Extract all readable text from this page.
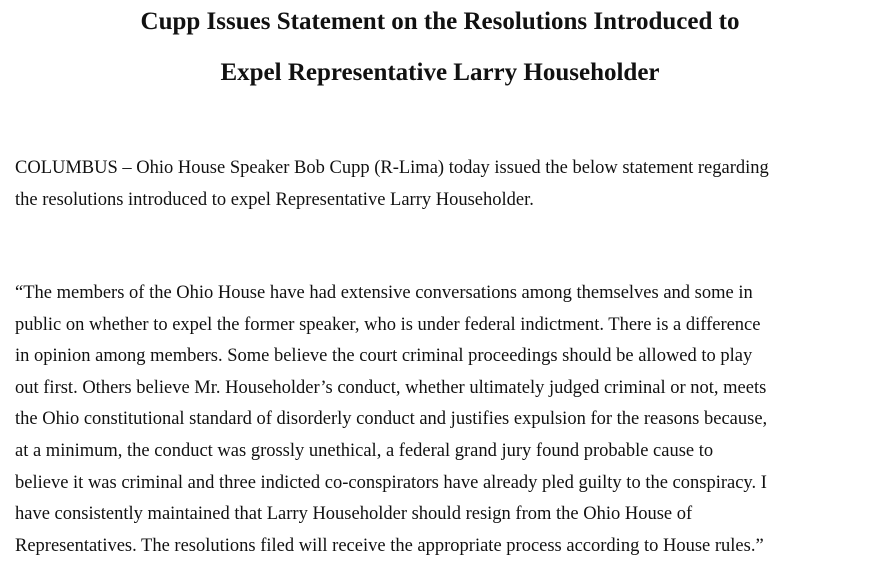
Cupp Issues Statement on the Resolutions Introduced to
Expel Representative Larry Householder
COLUMBUS – Ohio House Speaker Bob Cupp (R-Lima) today issued the below statement regarding
the resolutions introduced to expel Representative Larry Householder.
“The members of the Ohio House have had extensive conversations among themselves and some in
public on whether to expel the former speaker, who is under federal indictment. There is a difference
in opinion among members. Some believe the court criminal proceedings should be allowed to play
out first. Others believe Mr. Householder’s conduct, whether ultimately judged criminal or not, meets
the Ohio constitutional standard of disorderly conduct and justifies expulsion for the reasons because,
at a minimum, the conduct was grossly unethical, a federal grand jury found probable cause to
believe it was criminal and three indicted co-conspirators have already pled guilty to the conspiracy. I
have consistently maintained that Larry Householder should resign from the Ohio House of
Representatives. The resolutions filed will receive the appropriate process according to House rules.”
